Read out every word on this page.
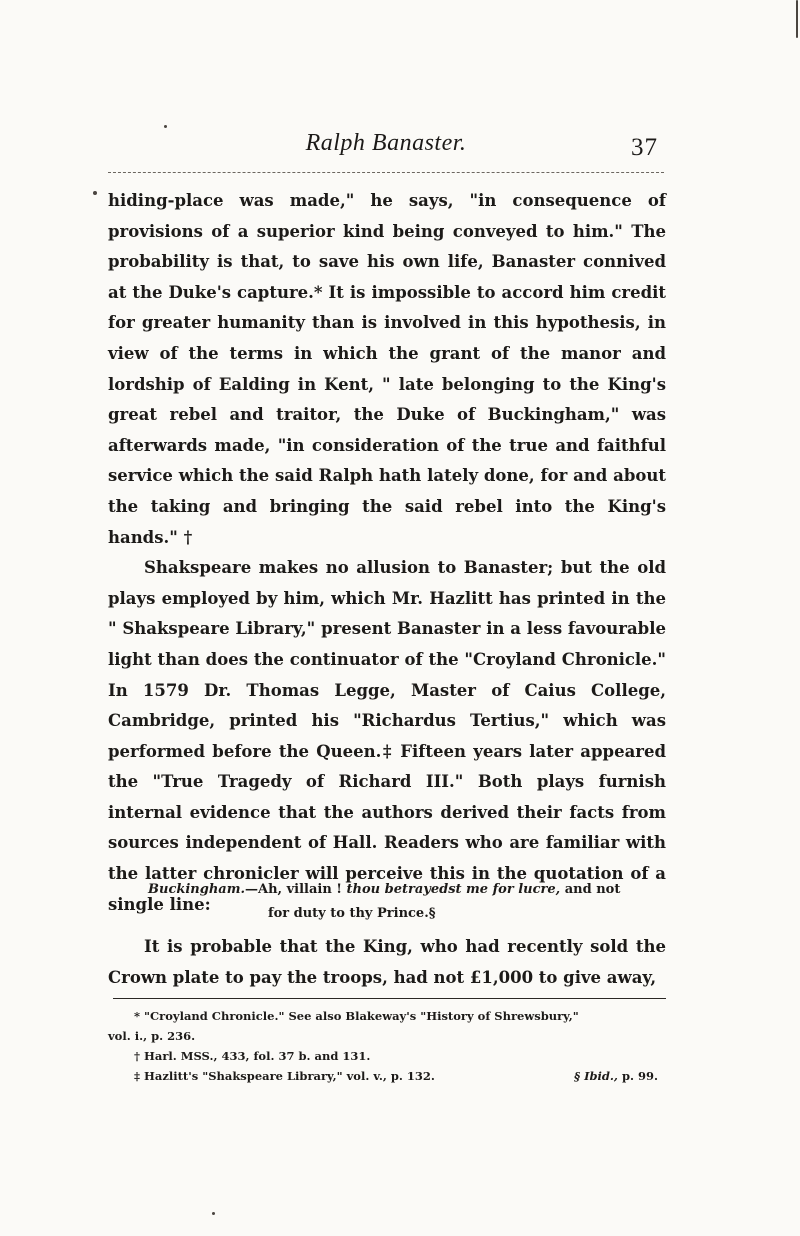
Ralph Banaster.	37

hiding-place was made," he says, "in consequence of provisions of a superior kind being conveyed to him." The probability is that, to save his own life, Banaster connived at the Duke's capture.* It is impossible to accord him credit for greater humanity than is involved in this hypothesis, in view of the terms in which the grant of the manor and lordship of Ealding in Kent, " late belonging to the King's great rebel and traitor, the Duke of Buckingham," was afterwards made, "in consideration of the true and faithful service which the said Ralph hath lately done, for and about the taking and bringing the said rebel into the King's hands." †

Shakspeare makes no allusion to Banaster; but the old plays employed by him, which Mr. Hazlitt has printed in the " Shakspeare Library," present Banaster in a less favourable light than does the continuator of the "Croyland Chronicle." In 1579 Dr. Thomas Legge, Master of Caius College, Cambridge, printed his "Richardus Tertius," which was performed before the Queen.‡ Fifteen years later appeared the "True Tragedy of Richard III." Both plays furnish internal evidence that the authors derived their facts from sources independent of Hall. Readers who are familiar with the latter chronicler will perceive this in the quotation of a single line:

Buckingham.—Ah, villain ! thou betrayedst me for lucre, and not
for duty to thy Prince.§
It is probable that the King, who had recently sold the Crown plate to pay the troops, had not £1,000 to give away,
* "Croyland Chronicle." See also Blakeway's "History of Shrewsbury,"
vol. i., p. 236.
† Harl. MSS., 433, fol. 37 b. and 131.
‡ Hazlitt's "Shakspeare Library," vol. v., p. 132.	§ Ibid., p. 99.
